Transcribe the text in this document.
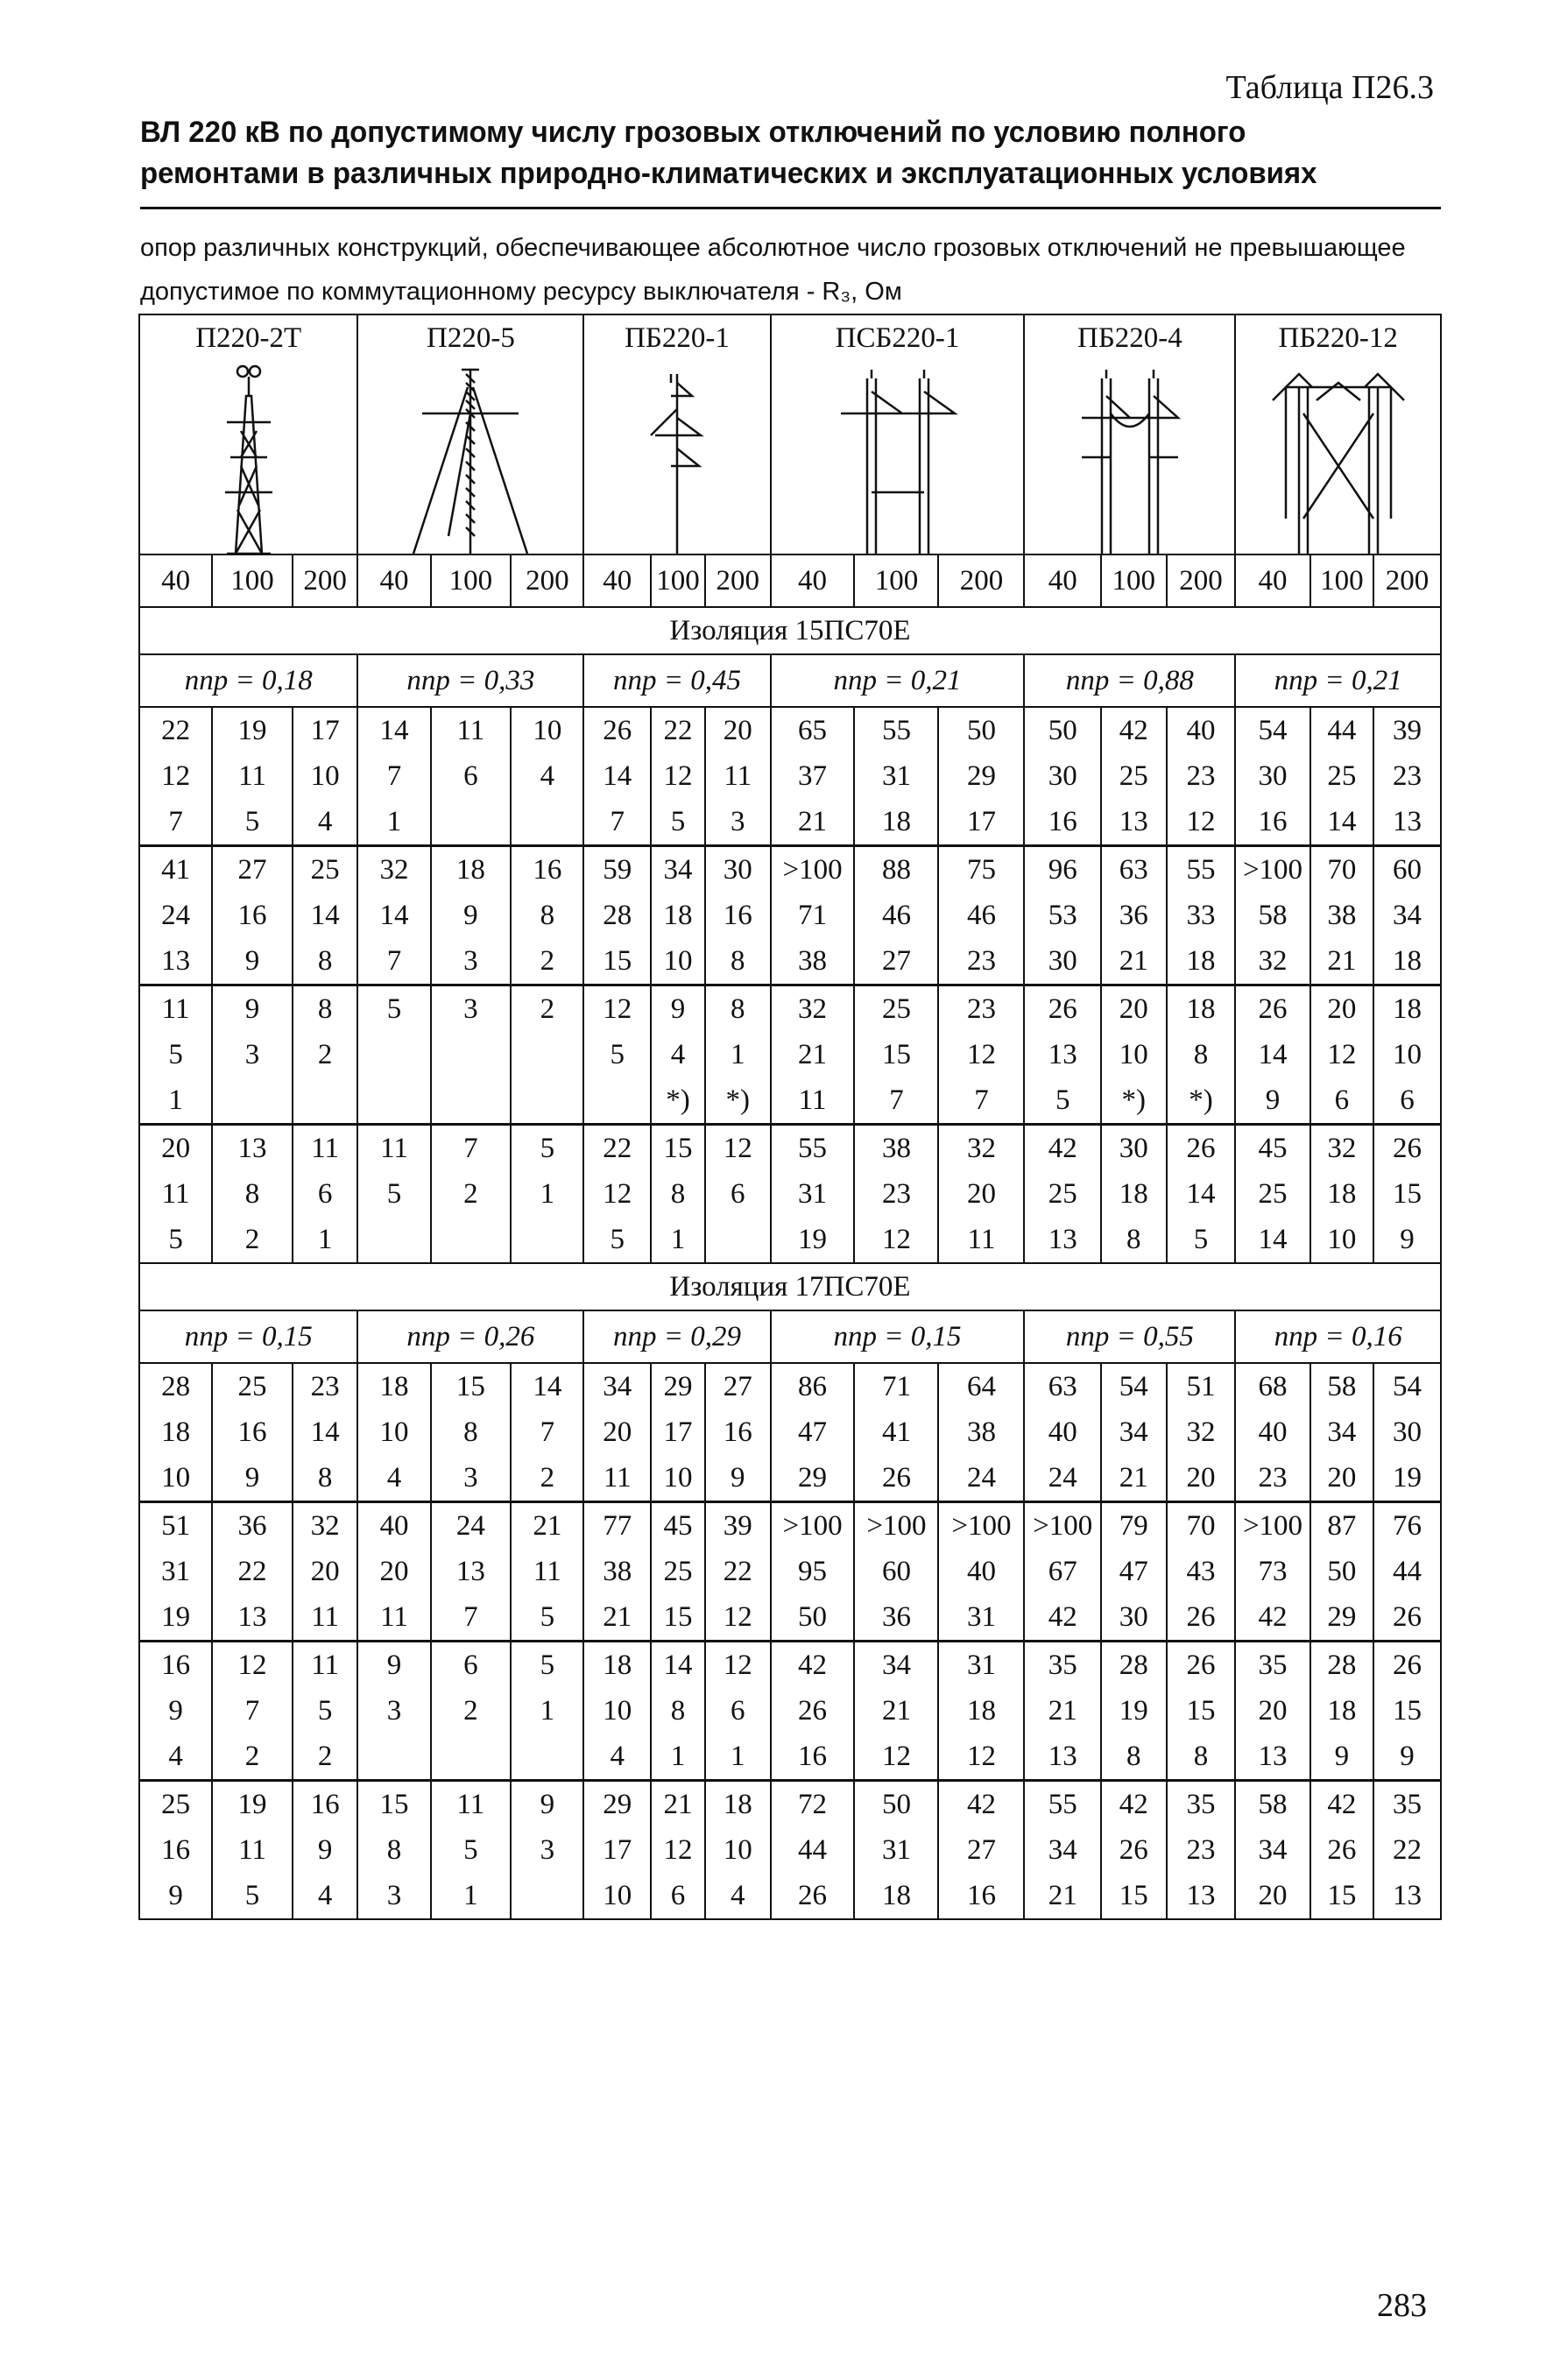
Таблица П26.3
ВЛ 220 кВ по допустимому числу грозовых отключений по условию полного ремонтами в различных природно-климатических и эксплуатационных условиях
опор различных конструкций, обеспечивающее абсолютное число грозовых отключений не превышающее допустимое по коммутационному ресурсу выключателя - R₃, Ом
П220-2Т			П220-5			ПБ220-1			ПСБ220-1			ПБ220-4			ПБ220-12		

40	100	200	40	100	200	40	100	200	40	100	200	40	100	200	40	100	200
Изоляция 15ПС70Е																	
nпр = 0,18			nпр = 0,33			nпр = 0,45			nпр = 0,21			nпр = 0,88			nпр = 0,21		
22	19	17	14	11	10	26	22	20	65	55	50	50	42	40	54	44	39
12	11	10	7	6	4	14	12	11	37	31	29	30	25	23	30	25	23
7	5	4	1			7	5	3	21	18	17	16	13	12	16	14	13
41	27	25	32	18	16	59	34	30	>100	88	75	96	63	55	>100	70	60
24	16	14	14	9	8	28	18	16	71	46	46	53	36	33	58	38	34
13	9	8	7	3	2	15	10	8	38	27	23	30	21	18	32	21	18
11	9	8	5	3	2	12	9	8	32	25	23	26	20	18	26	20	18
5	3	2				5	4	1	21	15	12	13	10	8	14	12	10
1							*)	*)	11	7	7	5	*)	*)	9	6	6
20	13	11	11	7	5	22	15	12	55	38	32	42	30	26	45	32	26
11	8	6	5	2	1	12	8	6	31	23	20	25	18	14	25	18	15
5	2	1				5	1		19	12	11	13	8	5	14	10	9
Изоляция 17ПС70Е																	
nпр = 0,15			nпр = 0,26			nпр = 0,29			nпр = 0,15			nпр = 0,55			nпр = 0,16		
28	25	23	18	15	14	34	29	27	86	71	64	63	54	51	68	58	54
18	16	14	10	8	7	20	17	16	47	41	38	40	34	32	40	34	30
10	9	8	4	3	2	11	10	9	29	26	24	24	21	20	23	20	19
51	36	32	40	24	21	77	45	39	>100	>100	>100	>100	79	70	>100	87	76
31	22	20	20	13	11	38	25	22	95	60	40	67	47	43	73	50	44
19	13	11	11	7	5	21	15	12	50	36	31	42	30	26	42	29	26
16	12	11	9	6	5	18	14	12	42	34	31	35	28	26	35	28	26
9	7	5	3	2	1	10	8	6	26	21	18	21	19	15	20	18	15
4	2	2				4	1	1	16	12	12	13	8	8	13	9	9
25	19	16	15	11	9	29	21	18	72	50	42	55	42	35	58	42	35
16	11	9	8	5	3	17	12	10	44	31	27	34	26	23	34	26	22
9	5	4	3	1		10	6	4	26	18	16	21	15	13	20	15	13
283
